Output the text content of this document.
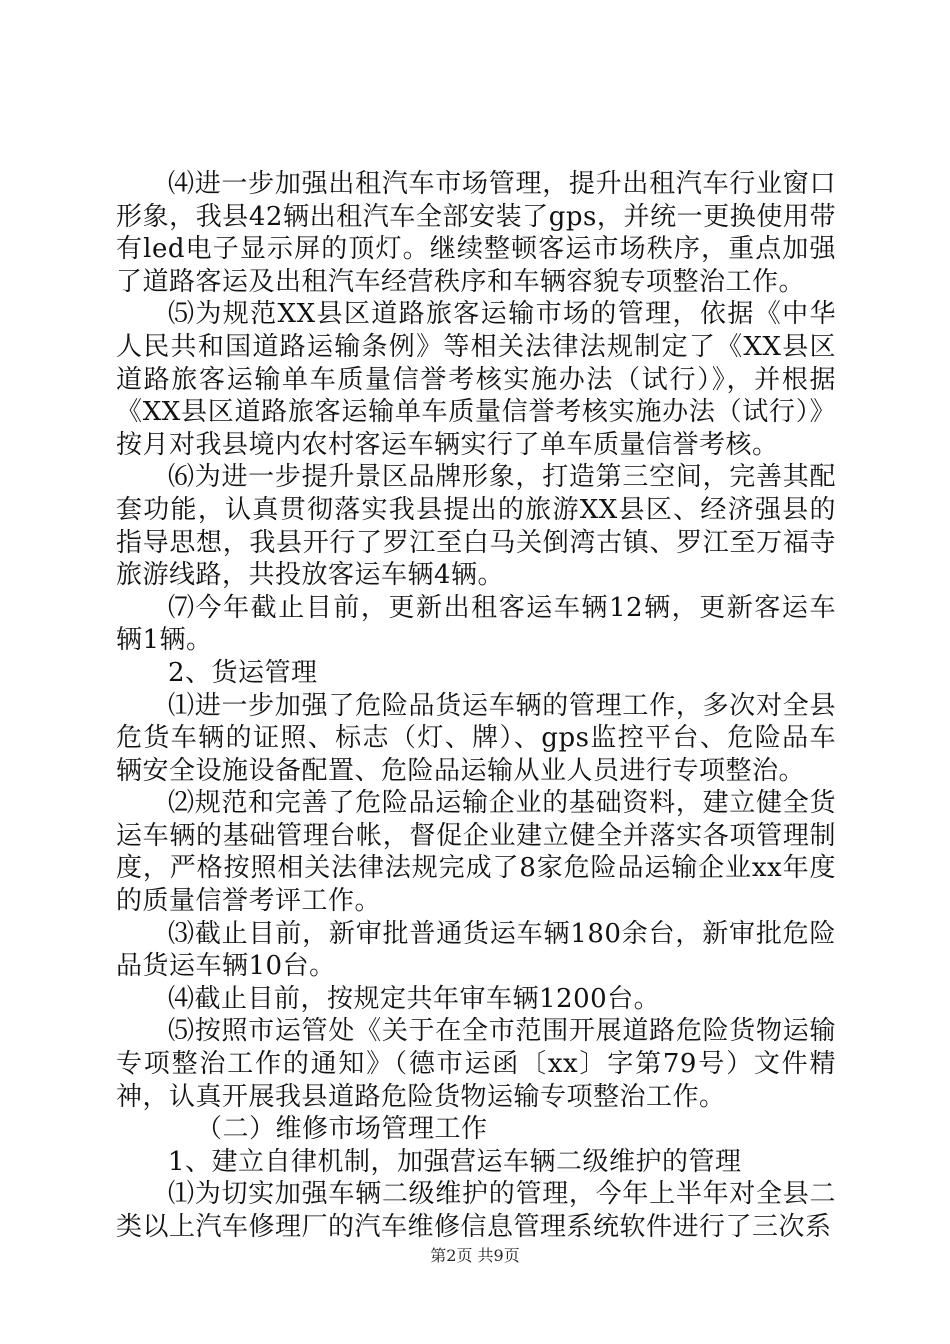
⑷进一步加强出租汽车市场管理，提升出租汽车行业窗口形象，我县42辆出租汽车全部安装了gps，并统一更换使用带有led电子显示屏的顶灯。继续整顿客运市场秩序，重点加强了道路客运及出租汽车经营秩序和车辆容貌专项整治工作。

⑸为规范XX县区道路旅客运输市场的管理，依据《中华人民共和国道路运输条例》等相关法律法规制定了《XX县区道路旅客运输单车质量信誉考核实施办法（试行）》，并根据《XX县区道路旅客运输单车质量信誉考核实施办法（试行）》按月对我县境内农村客运车辆实行了单车质量信誉考核。

⑹为进一步提升景区品牌形象，打造第三空间，完善其配套功能，认真贯彻落实我县提出的旅游XX县区、经济强县的指导思想，我县开行了罗江至白马关倒湾古镇、罗江至万福寺旅游线路，共投放客运车辆4辆。

⑺今年截止目前，更新出租客运车辆12辆，更新客运车辆1辆。

2、货运管理

⑴进一步加强了危险品货运车辆的管理工作，多次对全县危货车辆的证照、标志（灯、牌）、gps监控平台、危险品车辆安全设施设备配置、危险品运输从业人员进行专项整治。

⑵规范和完善了危险品运输企业的基础资料，建立健全货运车辆的基础管理台帐，督促企业建立健全并落实各项管理制度，严格按照相关法律法规完成了8家危险品运输企业xx年度的质量信誉考评工作。

⑶截止目前，新审批普通货运车辆180余台，新审批危险品货运车辆10台。

⑷截止目前，按规定共年审车辆1200台。

⑸按照市运管处《关于在全市范围开展道路危险货物运输专项整治工作的通知》（德市运函〔xx〕字第79号）文件精神，认真开展我县道路危险货物运输专项整治工作。

（二）维修市场管理工作

1、建立自律机制，加强营运车辆二级维护的管理

⑴为切实加强车辆二级维护的管理，今年上半年对全县二类以上汽车修理厂的汽车维修信息管理系统软件进行了三次系

第2页 共9页
